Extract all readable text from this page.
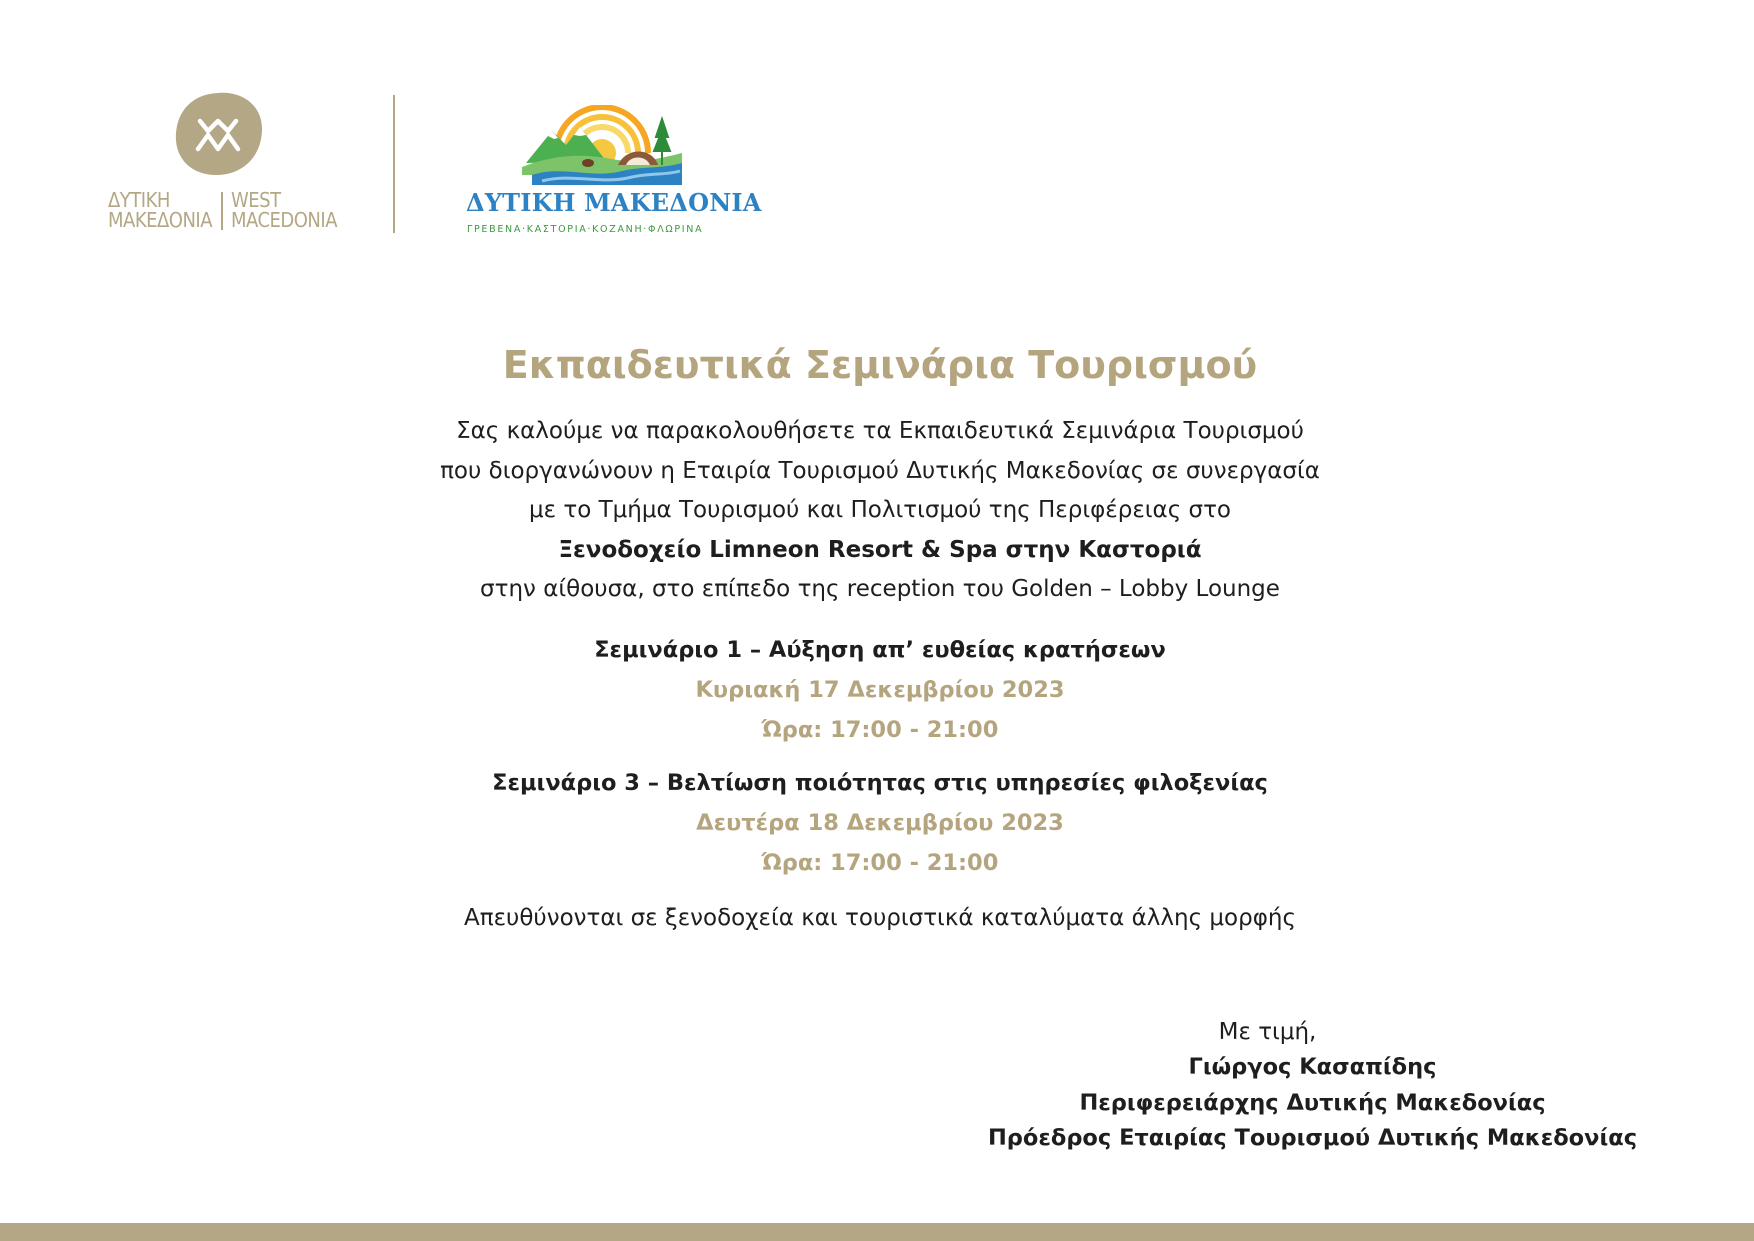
ΔΥΤΙΚΗ
ΜΑΚΕΔΟΝΙΑ
WEST
MACEDONIA
ΔΥΤΙΚΗ ΜΑΚΕΔΟΝΙΑ
ΓΡΕΒΕΝΑ·ΚΑΣΤΟΡΙΑ·ΚΟΖΑΝΗ·ΦΛΩΡΙΝΑ
Εκπαιδευτικά Σεμινάρια Τουρισμού
Σας καλούμε να παρακολουθήσετε τα Εκπαιδευτικά Σεμινάρια Τουρισμού
που διοργανώνουν η Εταιρία Τουρισμού Δυτικής Μακεδονίας σε συνεργασία
με το Τμήμα Τουρισμού και Πολιτισμού της Περιφέρειας στο
Ξενοδοχείο Limneon Resort & Spa στην Καστοριά
στην αίθουσα, στο επίπεδο της reception του Golden – Lobby Lounge
Σεμινάριο 1 – Αύξηση απ’ ευθείας κρατήσεων
Κυριακή 17 Δεκεμβρίου 2023
Ώρα: 17:00 - 21:00
Σεμινάριο 3 – Βελτίωση ποιότητας στις υπηρεσίες φιλοξενίας
Δευτέρα 18 Δεκεμβρίου 2023
Ώρα: 17:00 - 21:00
Απευθύνονται σε ξενοδοχεία και τουριστικά καταλύματα άλλης μορφής
Με τιμή,
Γιώργος Κασαπίδης
Περιφερειάρχης Δυτικής Μακεδονίας
Πρόεδρος Εταιρίας Τουρισμού Δυτικής Μακεδονίας
